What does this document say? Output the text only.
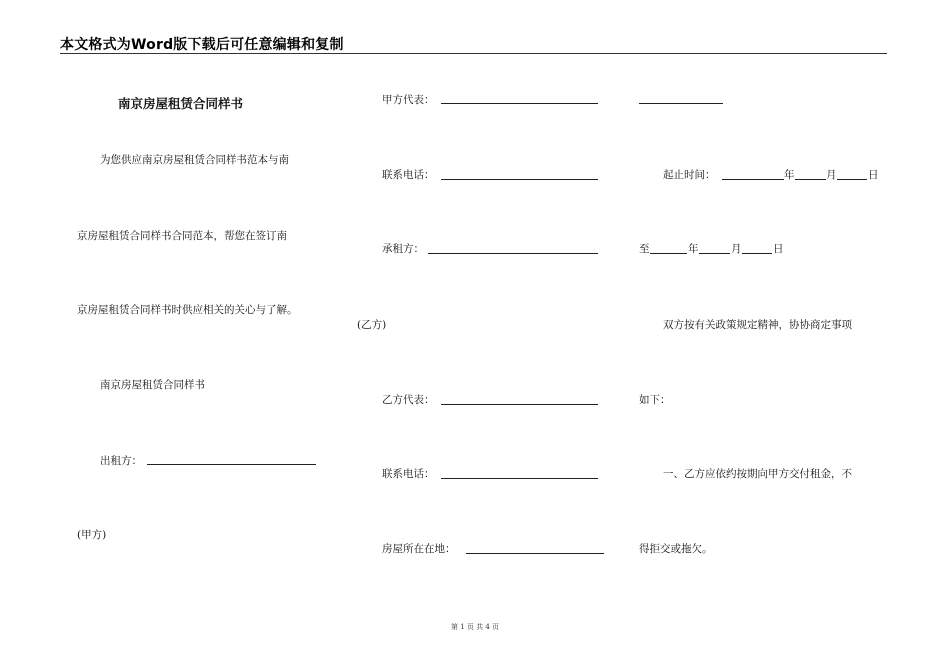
本文格式为Word版下载后可任意编辑和复制
南京房屋租赁合同样书
为您供应南京房屋租赁合同样书范本与南
京房屋租赁合同样书合同范本，帮您在签订南
京房屋租赁合同样书时供应相关的关心与了解。
南京房屋租赁合同样书
出租方：
(甲方)
甲方代表：
联系电话：
承租方：
(乙方)
乙方代表：
联系电话：
房屋所在在地：
起止时间：	年	月	日
至	年	月	日
双方按有关政策规定精神，协协商定事项
如下：
一、乙方应依约按期向甲方交付租金，不
得拒交或拖欠。
第 1 页 共 4 页
